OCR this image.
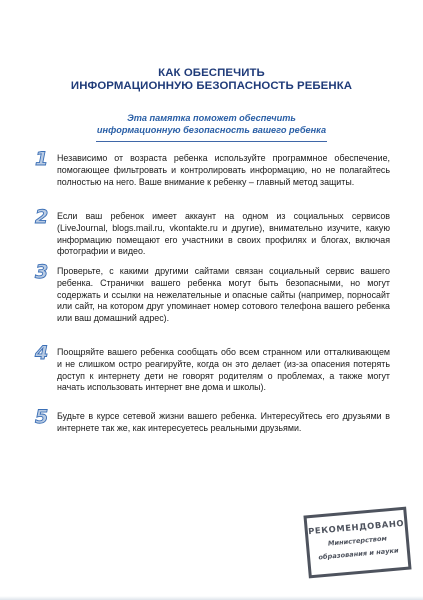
КАК ОБЕСПЕЧИТЬ
ИНФОРМАЦИОННУЮ БЕЗОПАСНОСТЬ РЕБЕНКА
Эта памятка поможет обеспечить
информационную безопасность вашего ребенка
1 Независимо от возраста ребенка используйте программное обеспечение, помогающее фильтровать и контролировать информацию, но не полагайтесь полностью на него. Ваше внимание к ребенку – главный метод защиты.
2 Если ваш ребенок имеет аккаунт на одном из социальных сервисов (LiveJournal, blogs.mail.ru, vkontakte.ru и другие), внимательно изучите, какую информацию помещают его участники в своих профилях и блогах, включая фотографии и видео.
3 Проверьте, с какими другими сайтами связан социальный сервис вашего ребенка. Странички вашего ребенка могут быть безопасными, но могут содержать и ссылки на нежелательные и опасные сайты (например, порносайт или сайт, на котором друг упоминает номер сотового телефона вашего ребенка или ваш домашний адрес).
4 Поощряйте вашего ребенка сообщать обо всем странном или отталкивающем и не слишком остро реагируйте, когда он это делает (из-за опасения потерять доступ к интернету дети не говорят родителям о проблемах, а также могут начать использовать интернет вне дома и школы).
5 Будьте в курсе сетевой жизни вашего ребенка. Интересуйтесь его друзьями в интернете так же, как интересуетесь реальными друзьями.
РЕКОМЕНДОВАНО
Министерством
образования и науки
